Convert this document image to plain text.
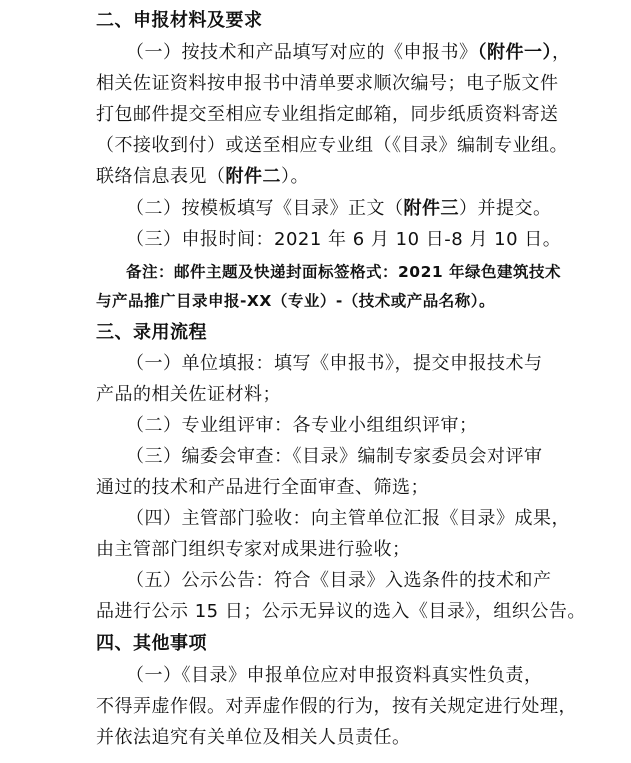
二、申报材料及要求
（一）按技术和产品填写对应的《申报书》（附件一），
相关佐证资料按申报书中清单要求顺次编号；电子版文件
打包邮件提交至相应专业组指定邮箱，同步纸质资料寄送
（不接收到付）或送至相应专业组（《目录》编制专业组。
联络信息表见（附件二）。
（二）按模板填写《目录》正文（附件三）并提交。
（三）申报时间：2021 年 6 月 10 日-8 月 10 日。
备注：邮件主题及快递封面标签格式：2021 年绿色建筑技术
与产品推广目录申报-XX（专业）-（技术或产品名称）。
三、录用流程
（一）单位填报：填写《申报书》，提交申报技术与
产品的相关佐证材料；
（二）专业组评审：各专业小组组织评审；
（三）编委会审查：《目录》编制专家委员会对评审
通过的技术和产品进行全面审查、筛选；
（四）主管部门验收：向主管单位汇报《目录》成果，
由主管部门组织专家对成果进行验收；
（五）公示公告：符合《目录》入选条件的技术和产
品进行公示 15 日；公示无异议的选入《目录》，组织公告。
四、其他事项
（一）《目录》申报单位应对申报资料真实性负责，
不得弄虚作假。对弄虚作假的行为，按有关规定进行处理，
并依法追究有关单位及相关人员责任。
